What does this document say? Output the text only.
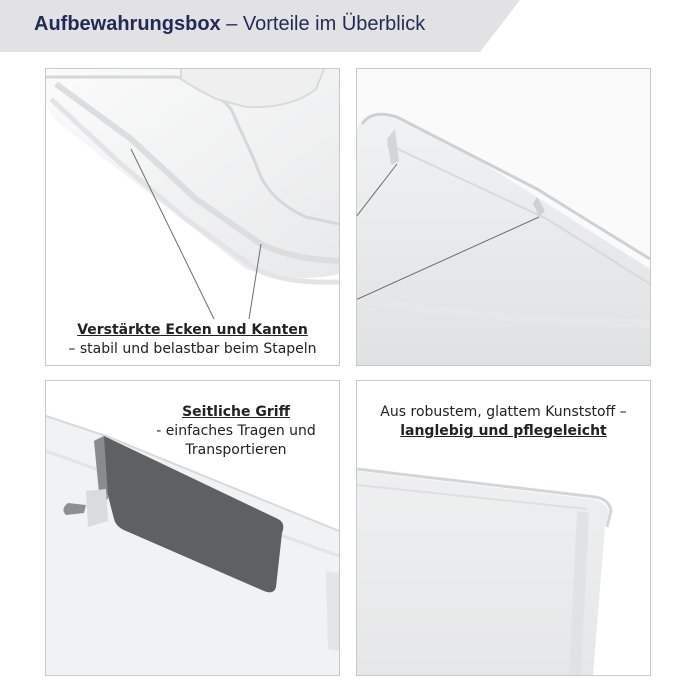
Aufbewahrungsbox – Vorteile im Überblick
Verstärkte Ecken und Kanten
– stabil und belastbar beim Stapeln
Seitliche Griff
- einfaches Tragen und
Transportieren
Aus robustem, glattem Kunststoff –
langlebig und pflegeleicht
